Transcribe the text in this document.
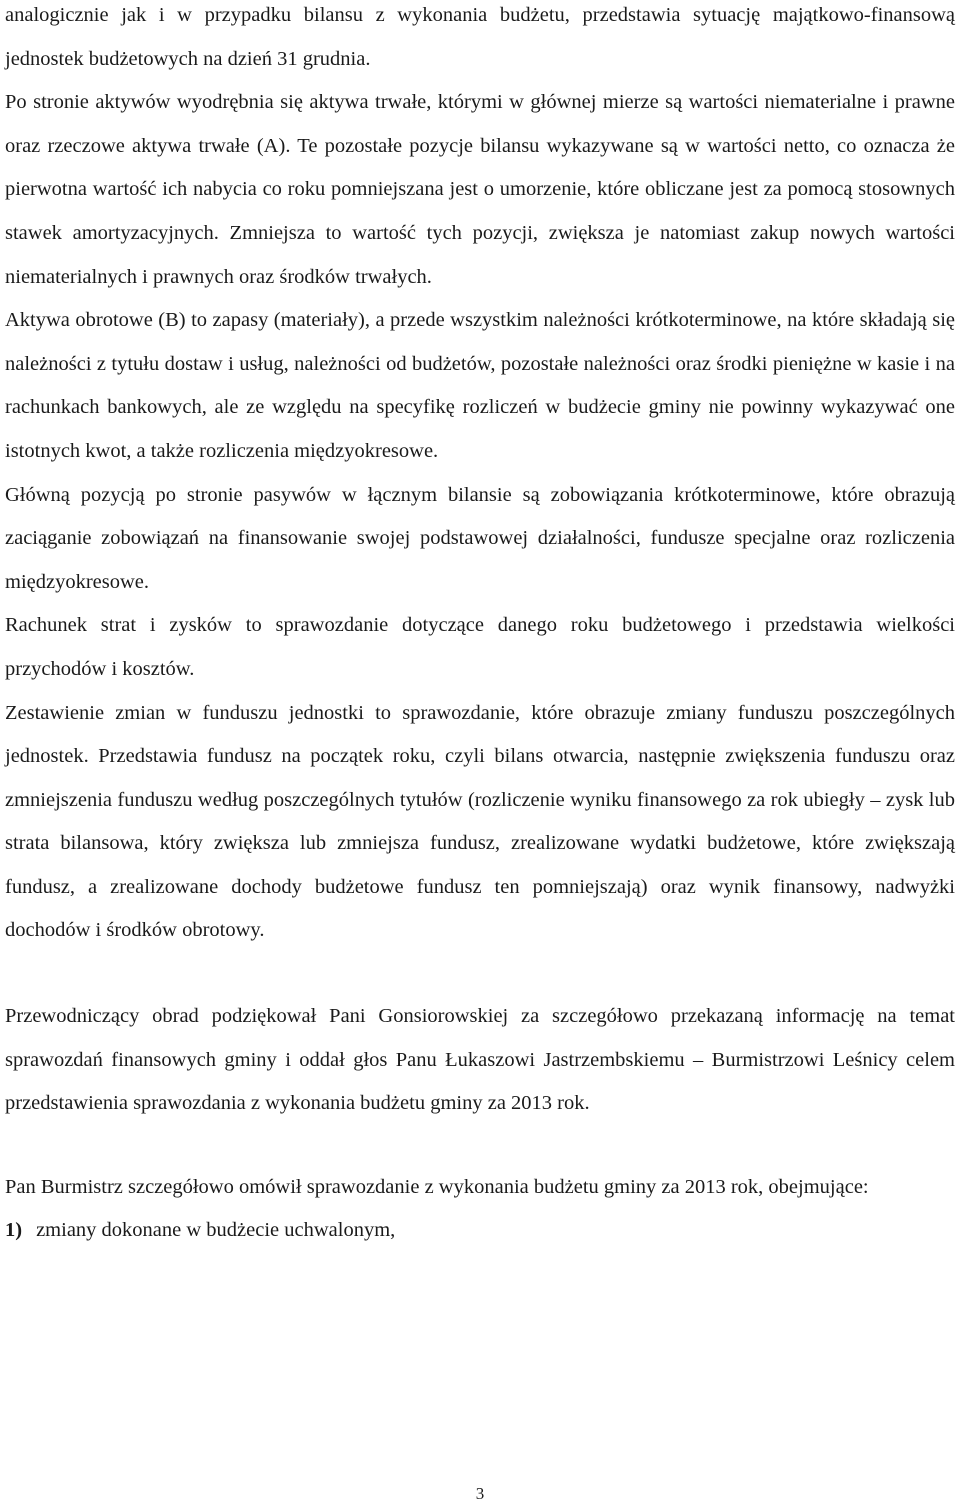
analogicznie jak i w przypadku bilansu z wykonania budżetu, przedstawia sytuację majątkowo-finansową jednostek budżetowych na dzień 31 grudnia.

Po stronie aktywów wyodrębnia się aktywa trwałe, którymi w głównej mierze są wartości niematerialne i prawne oraz rzeczowe aktywa trwałe (A). Te pozostałe pozycje bilansu wykazywane są w wartości netto, co oznacza że pierwotna wartość ich nabycia co roku pomniejszana jest o umorzenie, które obliczane jest za pomocą stosownych stawek amortyzacyjnych. Zmniejsza to wartość tych pozycji, zwiększa je natomiast zakup nowych wartości niematerialnych i prawnych oraz środków trwałych.

Aktywa obrotowe (B) to zapasy (materiały), a przede wszystkim należności krótkoterminowe, na które składają się należności z tytułu dostaw i usług, należności od budżetów, pozostałe należności oraz środki pieniężne w kasie i na rachunkach bankowych, ale ze względu na specyfikę rozliczeń w budżecie gminy nie powinny wykazywać one istotnych kwot, a także rozliczenia międzyokresowe.

Główną pozycją po stronie pasywów w łącznym bilansie są zobowiązania krótkoterminowe, które obrazują zaciąganie zobowiązań na finansowanie swojej podstawowej działalności, fundusze specjalne oraz rozliczenia międzyokresowe.

Rachunek strat i zysków to sprawozdanie dotyczące danego roku budżetowego i przedstawia wielkości przychodów i kosztów.

Zestawienie zmian w funduszu jednostki to sprawozdanie, które obrazuje zmiany funduszu poszczególnych jednostek. Przedstawia fundusz na początek roku, czyli bilans otwarcia, następnie zwiększenia funduszu oraz zmniejszenia funduszu według poszczególnych tytułów (rozliczenie wyniku finansowego za rok ubiegły – zysk lub strata bilansowa, który zwiększa lub zmniejsza fundusz, zrealizowane wydatki budżetowe, które zwiększają fundusz, a zrealizowane dochody budżetowe fundusz ten pomniejszają) oraz wynik finansowy, nadwyżki dochodów i środków obrotowy.

Przewodniczący obrad podziękował Pani Gonsiorowskiej za szczegółowo przekazaną informację na temat sprawozdań finansowych gminy i oddał głos Panu Łukaszowi Jastrzembskiemu – Burmistrzowi Leśnicy celem przedstawienia sprawozdania z wykonania budżetu gminy za 2013 rok.

Pan Burmistrz szczegółowo omówił sprawozdanie z wykonania budżetu gminy za 2013 rok, obejmujące:

1) zmiany dokonane w budżecie uchwalonym,

3
